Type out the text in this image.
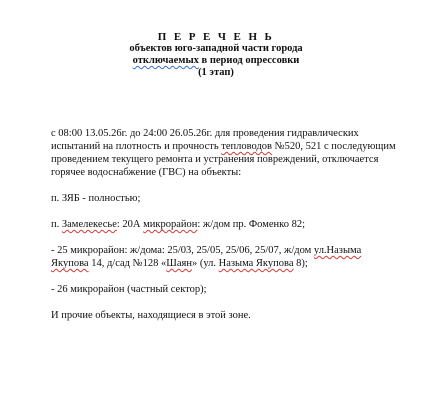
П Е Р Е Ч Е Н Ь
объектов юго-западной части города
отключаемых в период опрессовки
(1 этап)
с 08:00 13.05.26г. до 24:00 26.05.26г. для проведения гидравлических
испытаний на плотность и прочность тепловодов №520, 521 с последующим
проведением текущего ремонта и устранения повреждений, отключается
горячее водоснабжение (ГВС) на объекты:
п. ЗЯБ - полностью;
п. Замелекесье: 20А микрорайон: ж/дом пр. Фоменко 82;
- 25 микрорайон: ж/дома: 25/03, 25/05, 25/06, 25/07, ж/дом ул.Назыма
Якупова 14, д/сад №128 «Шаян» (ул. Назыма Якупова 8);
- 26 микрорайон (частный сектор);
И прочие объекты, находящиеся в этой зоне.
